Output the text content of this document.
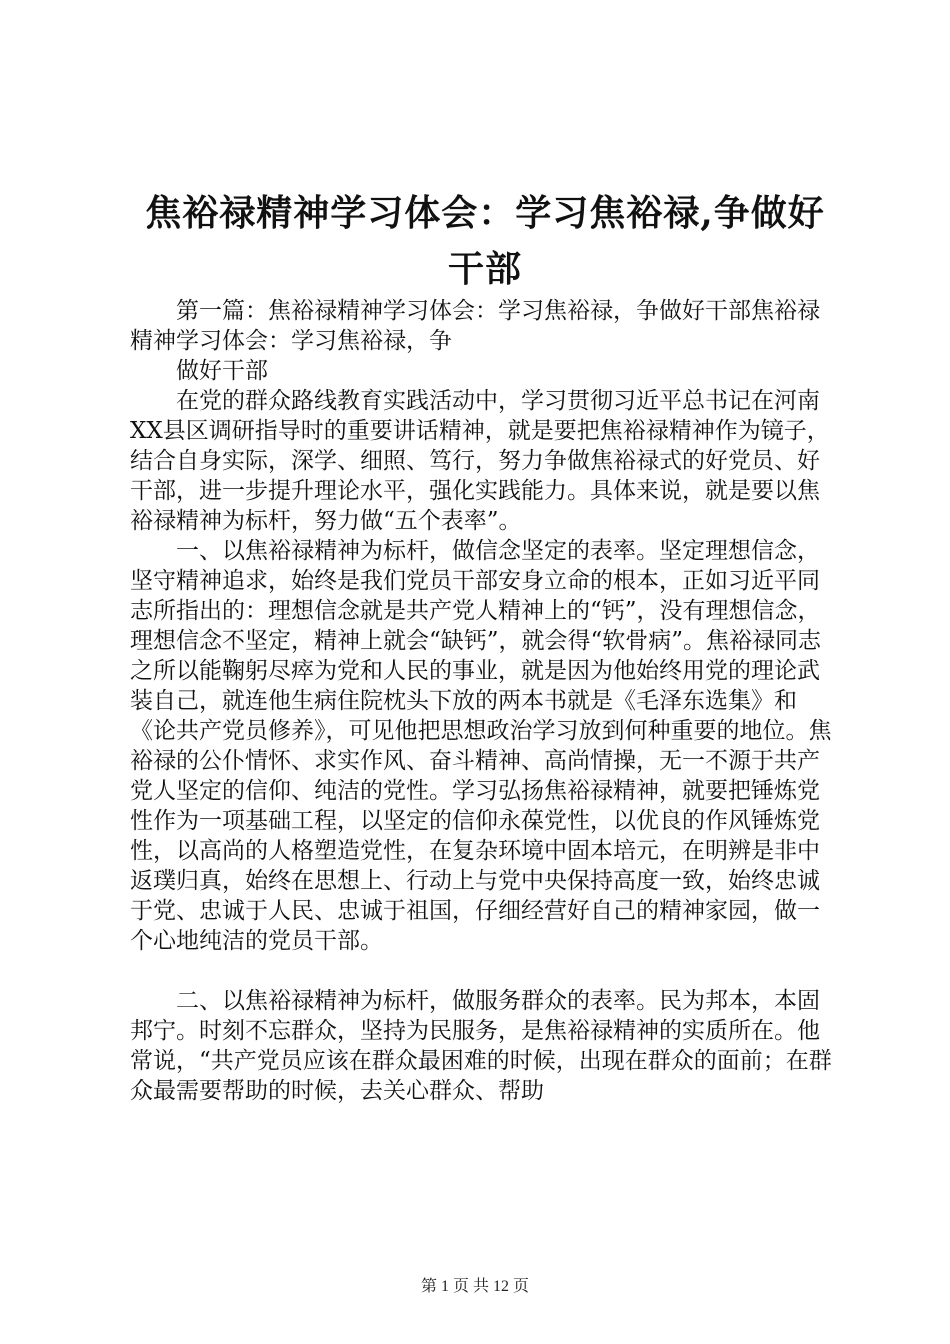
焦裕禄精神学习体会：学习焦裕禄,争做好干部

第一篇：焦裕禄精神学习体会：学习焦裕禄，争做好干部焦裕禄精神学习体会：学习焦裕禄，争

做好干部

在党的群众路线教育实践活动中，学习贯彻习近平总书记在河南XX县区调研指导时的重要讲话精神，就是要把焦裕禄精神作为镜子，结合自身实际，深学、细照、笃行，努力争做焦裕禄式的好党员、好干部，进一步提升理论水平，强化实践能力。具体来说，就是要以焦裕禄精神为标杆，努力做“五个表率”。

一、以焦裕禄精神为标杆，做信念坚定的表率。坚定理想信念，坚守精神追求，始终是我们党员干部安身立命的根本，正如习近平同志所指出的：理想信念就是共产党人精神上的“钙”，没有理想信念，理想信念不坚定，精神上就会“缺钙”，就会得“软骨病”。焦裕禄同志之所以能鞠躬尽瘁为党和人民的事业，就是因为他始终用党的理论武装自己，就连他生病住院枕头下放的两本书就是《毛泽东选集》和《论共产党员修养》，可见他把思想政治学习放到何种重要的地位。焦裕禄的公仆情怀、求实作风、奋斗精神、高尚情操，无一不源于共产党人坚定的信仰、纯洁的党性。学习弘扬焦裕禄精神，就要把锤炼党性作为一项基础工程，以坚定的信仰永葆党性，以优良的作风锤炼党性，以高尚的人格塑造党性，在复杂环境中固本培元，在明辨是非中返璞归真，始终在思想上、行动上与党中央保持高度一致，始终忠诚于党、忠诚于人民、忠诚于祖国，仔细经营好自己的精神家园，做一个心地纯洁的党员干部。

二、以焦裕禄精神为标杆，做服务群众的表率。民为邦本，本固邦宁。时刻不忘群众，坚持为民服务，是焦裕禄精神的实质所在。他常说，“共产党员应该在群众最困难的时候，出现在群众的面前；在群众最需要帮助的时候，去关心群众、帮助

第 1 页 共 12 页
